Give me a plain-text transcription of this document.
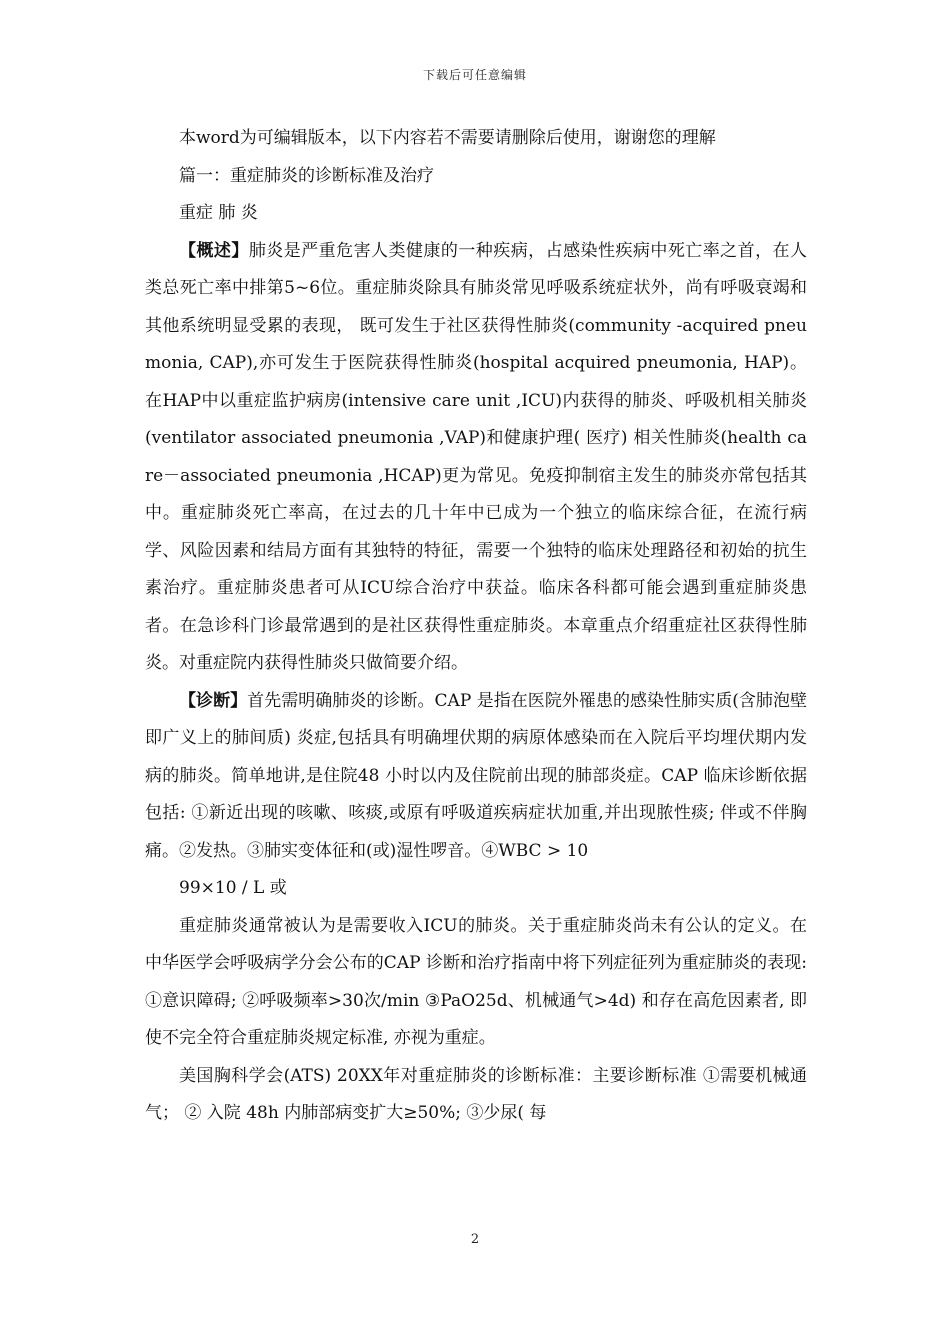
下载后可任意编辑

本word为可编辑版本，以下内容若不需要请删除后使用，谢谢您的理解

篇一：重症肺炎的诊断标准及治疗

重症 肺 炎

【概述】肺炎是严重危害人类健康的一种疾病，占感染性疾病中死亡率之首，在人类总死亡率中排第5~6位。重症肺炎除具有肺炎常见呼吸系统症状外，尚有呼吸衰竭和其他系统明显受累的表现， 既可发生于社区获得性肺炎(community -acquired pneumonia, CAP),亦可发生于医院获得性肺炎(hospital acquired pneumonia, HAP)。在HAP中以重症监护病房(intensive care unit ,ICU)内获得的肺炎、呼吸机相关肺炎(ventilator associated pneumonia ,VAP)和健康护理( 医疗) 相关性肺炎(health care－associated pneumonia ,HCAP)更为常见。免疫抑制宿主发生的肺炎亦常包括其中。重症肺炎死亡率高，在过去的几十年中已成为一个独立的临床综合征，在流行病学、风险因素和结局方面有其独特的特征，需要一个独特的临床处理路径和初始的抗生素治疗。重症肺炎患者可从ICU综合治疗中获益。临床各科都可能会遇到重症肺炎患者。在急诊科门诊最常遇到的是社区获得性重症肺炎。本章重点介绍重症社区获得性肺炎。对重症院内获得性肺炎只做简要介绍。

【诊断】首先需明确肺炎的诊断。CAP 是指在医院外罹患的感染性肺实质(含肺泡壁即广义上的肺间质) 炎症,包括具有明确埋伏期的病原体感染而在入院后平均埋伏期内发病的肺炎。简单地讲,是住院48 小时以内及住院前出现的肺部炎症。CAP 临床诊断依据包括: ①新近出现的咳嗽、咳痰,或原有呼吸道疾病症状加重,并出现脓性痰; 伴或不伴胸痛。②发热。③肺实变体征和(或)湿性啰音。④WBC > 10

99×10 / L 或

重症肺炎通常被认为是需要收入ICU的肺炎。关于重症肺炎尚未有公认的定义。在中华医学会呼吸病学分会公布的CAP 诊断和治疗指南中将下列症征列为重症肺炎的表现: ①意识障碍; ②呼吸频率>30次/min ③PaO25d、机械通气>4d) 和存在高危因素者, 即使不完全符合重症肺炎规定标准, 亦视为重症。

美国胸科学会(ATS) 20XX年对重症肺炎的诊断标准：主要诊断标准 ①需要机械通气； ② 入院 48h 内肺部病变扩大≥50%; ③少尿( 每

2
